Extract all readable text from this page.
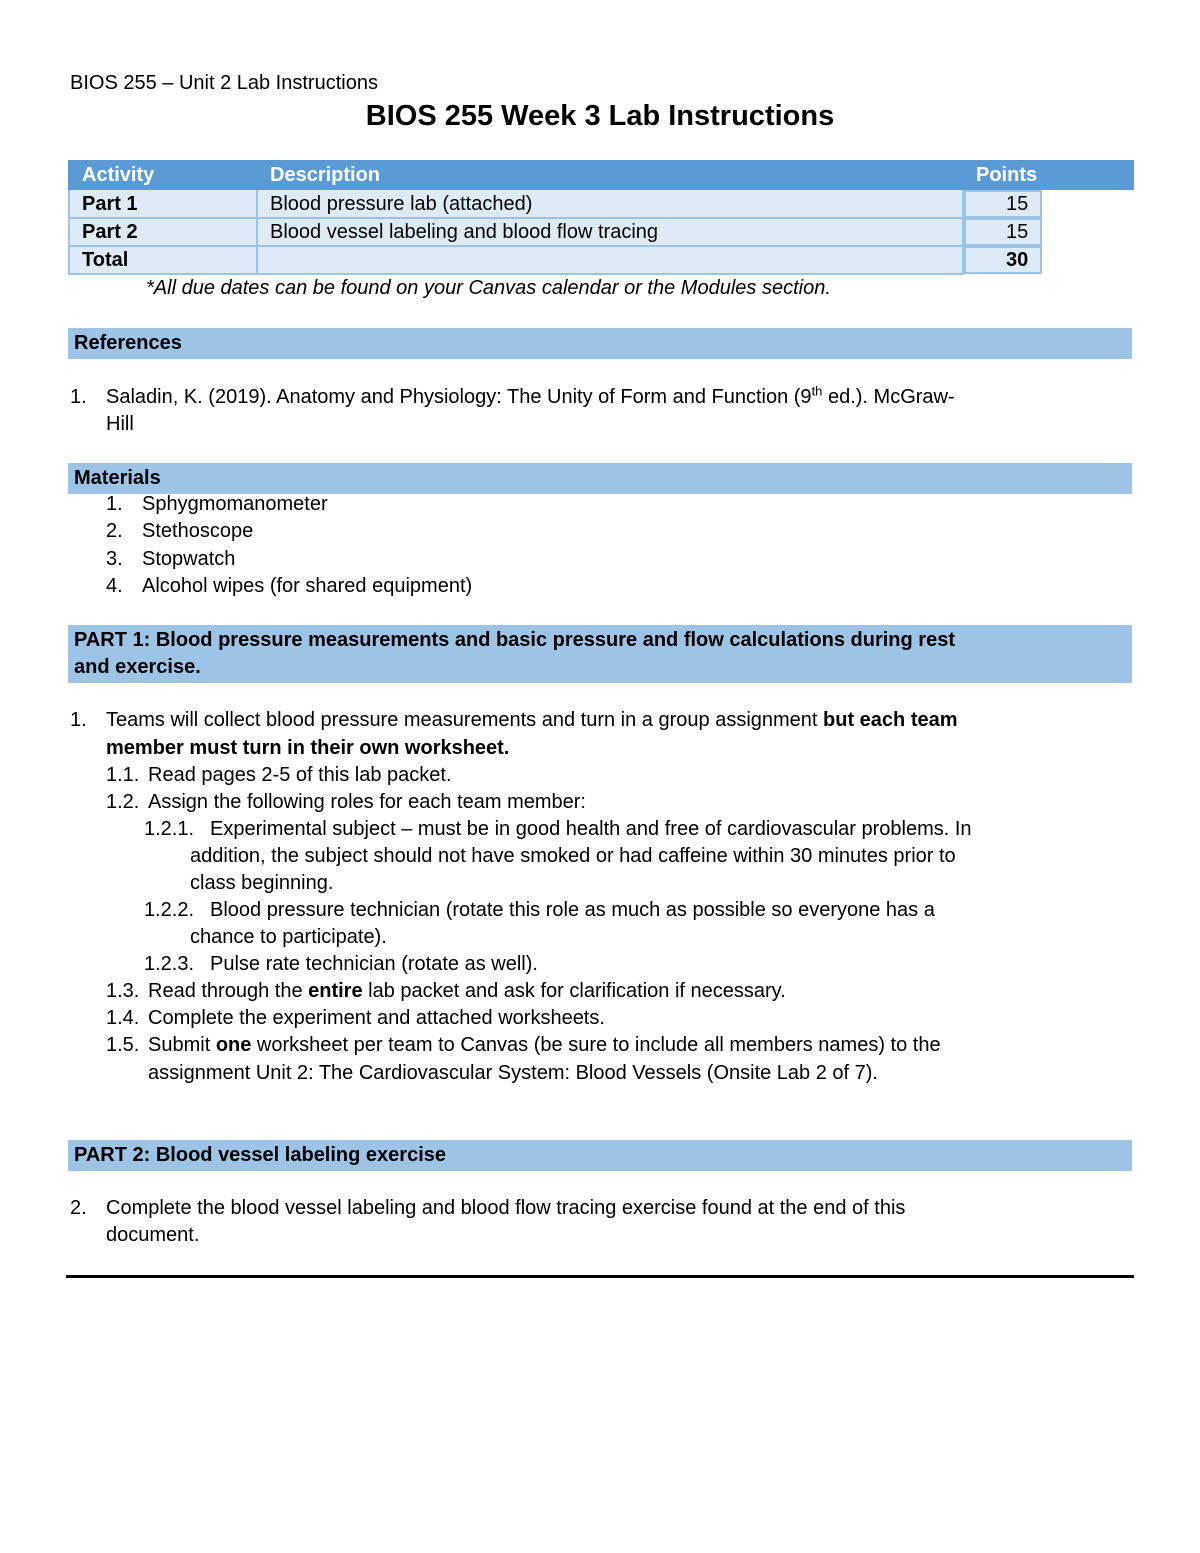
BIOS 255 – Unit 2 Lab Instructions
BIOS 255 Week 3 Lab Instructions
Activity	Description	Points
Part 1	Blood pressure lab (attached)		15
Part 2	Blood vessel labeling and blood flow tracing		15
Total			30
*All due dates can be found on your Canvas calendar or the Modules section.
References
1. Saladin, K. (2019). Anatomy and Physiology: The Unity of Form and Function (9th ed.). McGraw-
Hill
Materials
1. Sphygmomanometer
2. Stethoscope
3. Stopwatch
4. Alcohol wipes (for shared equipment)
PART 1: Blood pressure measurements and basic pressure and flow calculations during rest
and exercise.
1. Teams will collect blood pressure measurements and turn in a group assignment but each team
member must turn in their own worksheet.
1.1. Read pages 2-5 of this lab packet.
1.2. Assign the following roles for each team member:
1.2.1. Experimental subject – must be in good health and free of cardiovascular problems. In
addition, the subject should not have smoked or had caffeine within 30 minutes prior to
class beginning.
1.2.2. Blood pressure technician (rotate this role as much as possible so everyone has a
chance to participate).
1.2.3. Pulse rate technician (rotate as well).
1.3. Read through the entire lab packet and ask for clarification if necessary.
1.4. Complete the experiment and attached worksheets.
1.5. Submit one worksheet per team to Canvas (be sure to include all members names) to the
assignment Unit 2: The Cardiovascular System: Blood Vessels (Onsite Lab 2 of 7).
PART 2: Blood vessel labeling exercise
2. Complete the blood vessel labeling and blood flow tracing exercise found at the end of this
document.
